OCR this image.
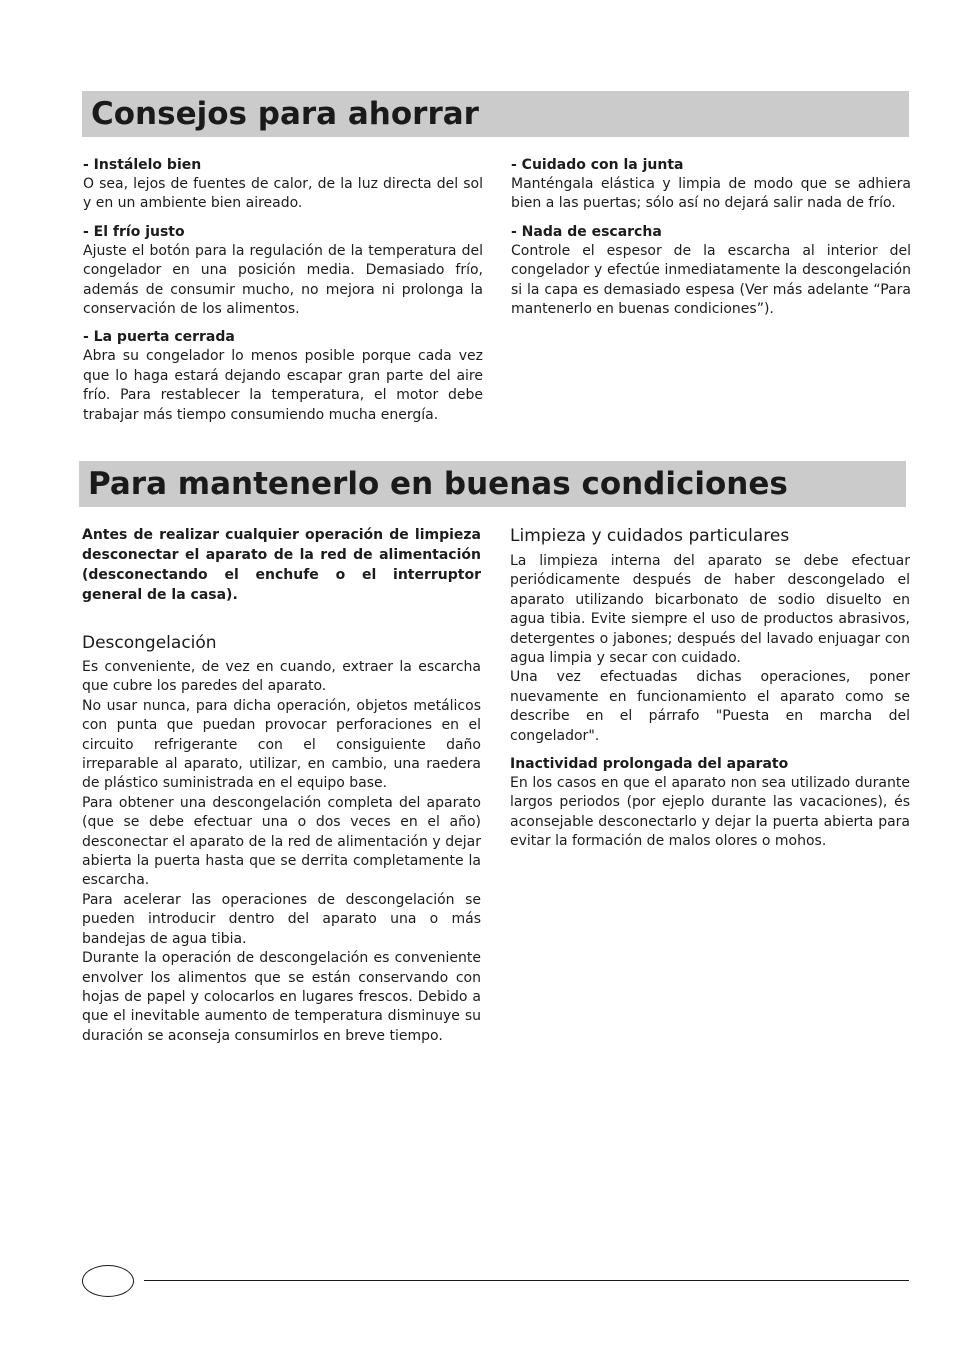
Consejos para ahorrar

- Instálelo bien

O sea, lejos de fuentes de calor, de la luz directa del sol y en un ambiente bien aireado.

- El frío justo

Ajuste el botón para la regulación de la temperatura del congelador en una posición media. Demasiado frío, además de consumir mucho, no mejora ni prolonga la conservación de los alimentos.

- La puerta cerrada

Abra su congelador lo menos posible porque cada vez que lo haga estará dejando escapar gran parte del aire frío. Para restablecer la temperatura, el motor debe trabajar más tiempo consumiendo mucha energía.

- Cuidado con la junta

Manténgala elástica y limpia de modo que se adhiera bien a las puertas; sólo así no dejará salir nada de frío.

- Nada de escarcha

Controle el espesor de la escarcha al interior del congelador y efectúe inmediatamente la descongelación si la capa es demasiado espesa (Ver más adelante “Para mantenerlo en buenas condiciones”).

Para mantenerlo en buenas condiciones

Antes de realizar cualquier operación de limpieza desconectar el aparato de la red de alimentación (desconectando el enchufe o el interruptor general de la casa).

Descongelación

Es conveniente, de vez en cuando, extraer la escarcha que cubre los paredes del aparato.

No usar nunca, para dicha operación, objetos metálicos con punta que puedan provocar perforaciones en el circuito refrigerante con el consiguiente daño irreparable al aparato, utilizar, en cambio, una raedera de plástico suministrada en el equipo base.

Para obtener una descongelación completa del aparato (que se debe efectuar una o dos veces en el año) desconectar el aparato de la red de alimentación y dejar abierta la puerta hasta que se derrita completamente la escarcha.

Para acelerar las operaciones de descongelación se pueden introducir dentro del aparato una o más bandejas de agua tibia.

Durante la operación de descongelación es conveniente envolver los alimentos que se están conservando con hojas de papel y colocarlos en lugares frescos. Debido a que el inevitable aumento de temperatura disminuye su duración se aconseja consumirlos en breve tiempo.

Limpieza y cuidados particulares

La limpieza interna del aparato se debe efectuar periódicamente después de haber descongelado el aparato utilizando bicarbonato de sodio disuelto en agua tibia. Evite siempre el uso de productos abrasivos, detergentes o jabones; después del lavado enjuagar con agua limpia y secar con cuidado.

Una vez efectuadas dichas operaciones, poner nuevamente en funcionamiento el aparato como se describe en el párrafo "Puesta en marcha del congelador".

Inactividad prolongada del aparato

En los casos en que el aparato non sea utilizado durante largos periodos (por ejeplo durante las vacaciones), és aconsejable desconectarlo y dejar la puerta abierta para evitar la formación de malos olores o mohos.
